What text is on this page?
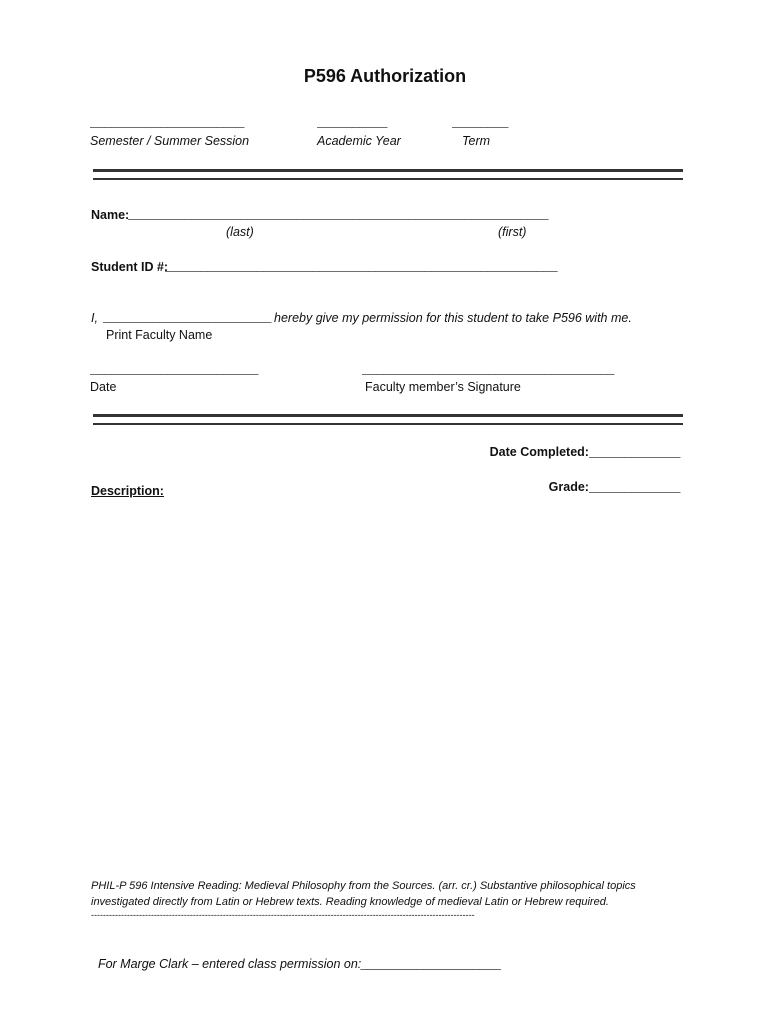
P596 Authorization
______________________
Semester / Summer Session
__________
Academic Year
________
Term
Name:
____________________________________________________________
(last)	(first)
Student ID #:
________________________________________________________
I, ________________________ hereby give my permission for this student to take P596 with me.
Print Faculty Name
________________________
Date
____________________________________
Faculty member’s Signature

Date Completed:_____________

Grade:_____________

Description:
PHIL-P 596 Intensive Reading: Medieval Philosophy from the Sources. (arr. cr.) Substantive philosophical topics investigated directly from Latin or Hebrew texts. Reading knowledge of medieval Latin or Hebrew required.
--------------------------------------------------------------------------------------------------------------------------------

For Marge Clark – entered class permission on:____________________
